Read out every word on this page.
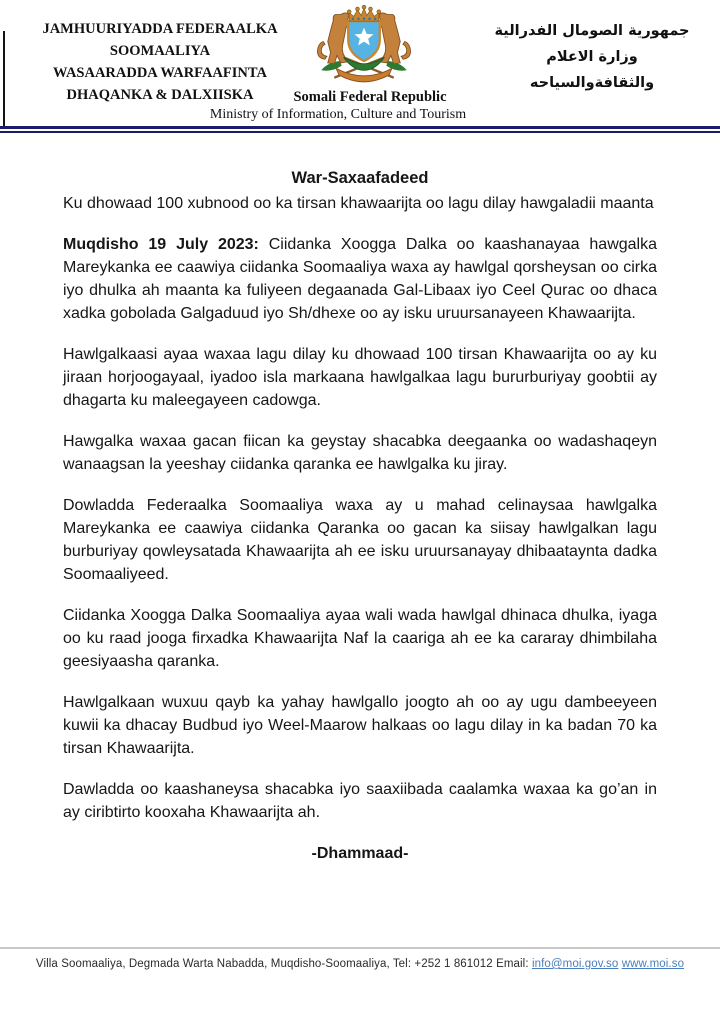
JAMHUURIYADDA FEDERAALKA
SOOMAALIYA
WASAARADDA WARFAAFINTA
DHAQANKA & DALXIISKA	Somali Federal Republic
Ministry of Information, Culture and Tourism
جمهورية الصومال الفدرالية
وزارة الاعلام
والثقافةوالسياحه
War-Saxaafadeed
Ku dhowaad 100 xubnood oo ka tirsan khawaarijta oo lagu dilay hawgaladii maanta

Muqdisho 19 July 2023: Ciidanka Xoogga Dalka oo kaashanayaa hawgalka Mareykanka ee caawiya ciidanka Soomaaliya waxa ay hawlgal qorsheysan oo cirka iyo dhulka ah maanta ka fuliyeen degaanada Gal-Libaax iyo Ceel Qurac oo dhaca xadka gobolada Galgaduud iyo Sh/dhexe oo ay isku uruursanayeen Khawaarijta.

Hawlgalkaasi ayaa waxaa lagu dilay ku dhowaad 100 tirsan Khawaarijta oo ay ku jiraan horjoogayaal, iyadoo isla markaana hawlgalkaa lagu bururburiyay goobtii ay dhagarta ku maleegayeen cadowga.

Hawgalka waxaa gacan fiican ka geystay shacabka deegaanka oo wadashaqeyn wanaagsan la yeeshay ciidanka qaranka ee hawlgalka ku jiray.

Dowladda Federaalka Soomaaliya waxa ay u mahad celinaysaa hawlgalka Mareykanka ee caawiya ciidanka Qaranka oo gacan ka siisay hawlgalkan lagu burburiyay qowleysatada Khawaarijta ah ee isku uruursanayay dhibaataynta dadka Soomaaliyeed.

Ciidanka Xoogga Dalka Soomaaliya ayaa wali wada hawlgal dhinaca dhulka, iyaga oo ku raad jooga firxadka Khawaarijta Naf la caariga ah ee ka cararay dhimbilaha geesiyaasha qaranka.

Hawlgalkaan wuxuu qayb ka yahay hawlgallo joogto ah oo ay ugu dambeeyeen kuwii ka dhacay Budbud iyo Weel-Maarow halkaas oo lagu dilay in ka badan 70 ka tirsan Khawaarijta.

Dawladda oo kaashaneysa shacabka iyo saaxiibada caalamka waxaa ka go’an in ay ciribtirto kooxaha Khawaarijta ah.

-Dhammaad-
Villa Soomaaliya, Degmada Warta Nabadda, Muqdisho-Soomaaliya, Tel: +252 1 861012 Email: info@moi.gov.so www.moi.so
